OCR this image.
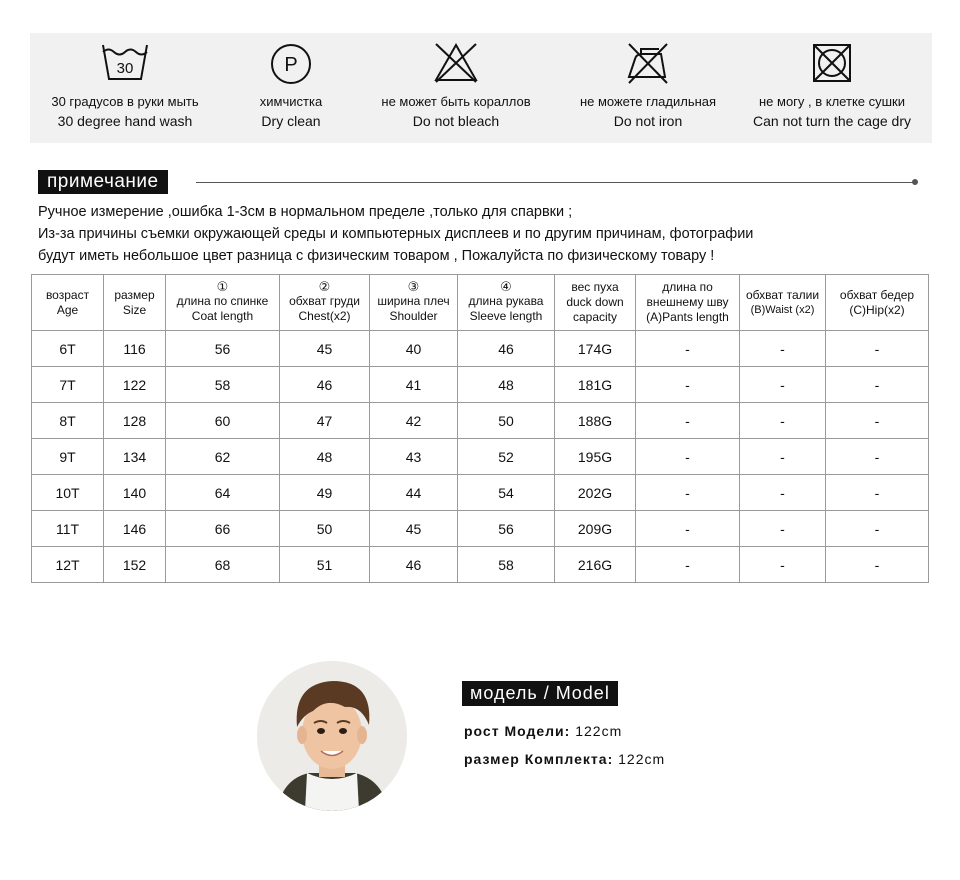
30
30 градусов в руки мыть
30 degree hand wash
P
химчистка
Dry clean
не может быть кораллов
Do not bleach
не можете гладильная
Do not iron
не могу , в клетке сушки
Can not turn the cage dry
примечание
Ручное измерение ,ошибка 1-3см в нормальном пределе ,только для спарвки ;
Из-за причины съемки окружающей среды и компьютерных дисплеев и по другим причинам, фотографии
будут иметь небольшое цвет разница с физическим товаром , Пожалуйста по физическому товару !
возраст
Age	размер
Size	①
длина по спинке
Coat length	②
обхват груди
Chest(x2)	③
ширина плеч
Shoulder	④
длина рукава
Sleeve length	вес пуха
duck down
capacity	длина по
внешнему шву
(A)Pants length	обхват талии
(B)Waist (x2)	обхват бедер
(C)Hip(x2)

6T	116	56	45	40	46	174G	-	-	-
7T	122	58	46	41	48	181G	-	-	-
8T	128	60	47	42	50	188G	-	-	-
9T	134	62	48	43	52	195G	-	-	-
10T	140	64	49	44	54	202G	-	-	-
11T	146	66	50	45	56	209G	-	-	-
12T	152	68	51	46	58	216G	-	-	-
модель / Model
рост Модели: 122cm
размер Комплекта: 122cm
